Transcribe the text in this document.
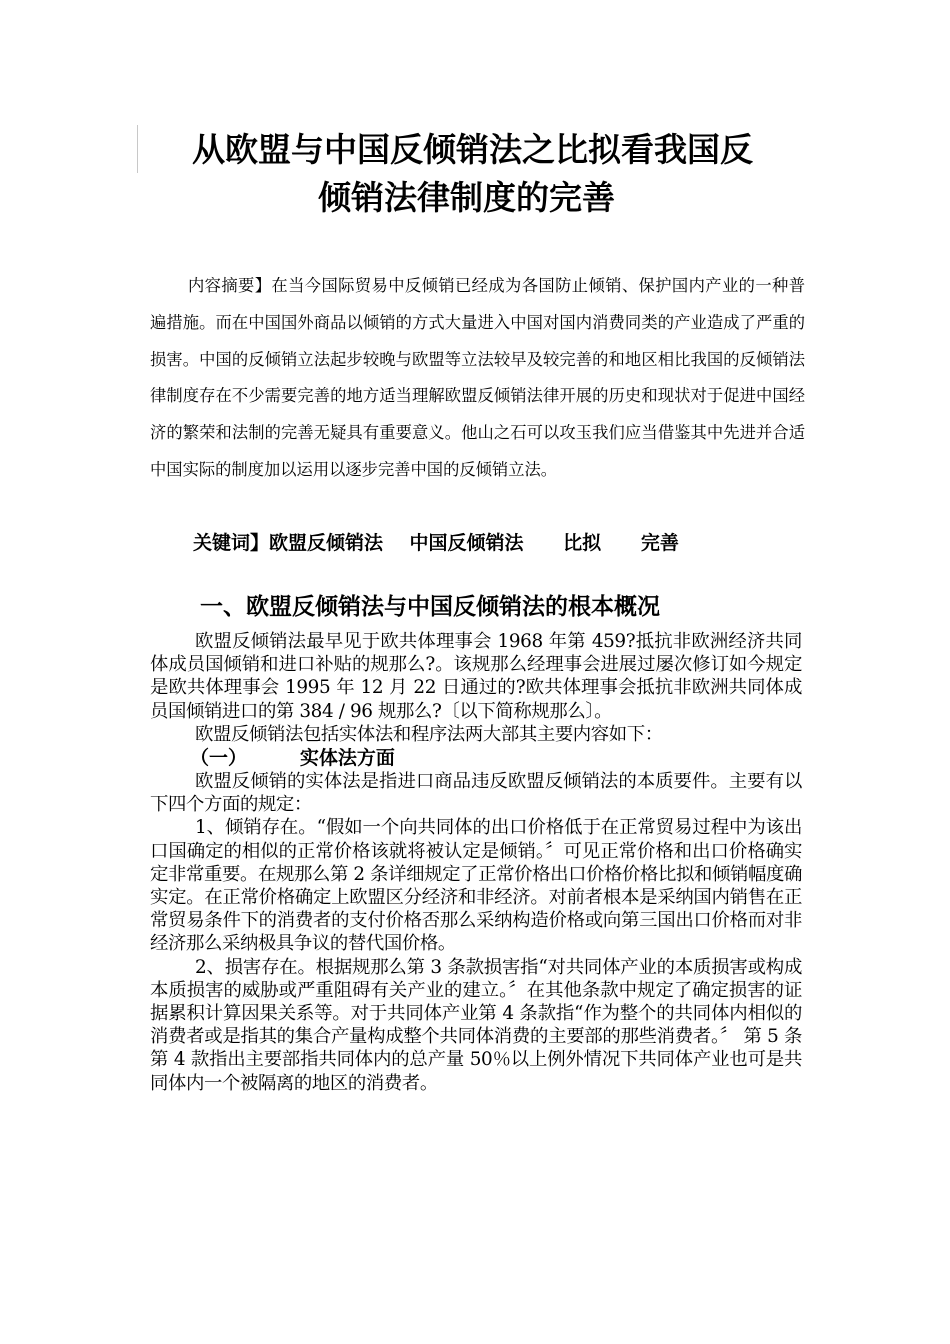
从欧盟与中国反倾销法之比拟看我国反
倾销法律制度的完善

内容摘要】在当今国际贸易中反倾销已经成为各国防止倾销、保护国内产业的一种普遍措施。而在中国国外商品以倾销的方式大量进入中国对国内消费同类的产业造成了严重的损害。中国的反倾销立法起步较晚与欧盟等立法较早及较完善的和地区相比我国的反倾销法律制度存在不少需要完善的地方适当理解欧盟反倾销法律开展的历史和现状对于促进中国经济的繁荣和法制的完善无疑具有重要意义。他山之石可以攻玉我们应当借鉴其中先进并合适中国实际的制度加以运用以逐步完善中国的反倾销立法。

关键词】欧盟反倾销法    中国反倾销法      比拟      完善

一、欧盟反倾销法与中国反倾销法的根本概况

欧盟反倾销法最早见于欧共体理事会 1968 年第 459?抵抗非欧洲经济共同体成员国倾销和进口补贴的规那么?。该规那么经理事会进展过屡次修订如今规定是欧共体理事会 1995 年 12 月 22 日通过的?欧共体理事会抵抗非欧洲共同体成员国倾销进口的第 384 / 96 规那么?〔以下简称规那么〕。

欧盟反倾销法包括实体法和程序法两大部其主要内容如下：

（一）        实体法方面

欧盟反倾销的实体法是指进口商品违反欧盟反倾销法的本质要件。主要有以下四个方面的规定：

1、倾销存在。“假如一个向共同体的出口价格低于在正常贸易过程中为该出口国确定的相似的正常价格该就将被认定是倾销。〞可见正常价格和出口价格确实定非常重要。在规那么第 2 条详细规定了正常价格出口价格价格比拟和倾销幅度确实定。在正常价格确定上欧盟区分经济和非经济。对前者根本是采纳国内销售在正常贸易条件下的消费者的支付价格否那么采纳构造价格或向第三国出口价格而对非经济那么采纳极具争议的替代国价格。

2、损害存在。根据规那么第 3 条款损害指“对共同体产业的本质损害或构成本质损害的威胁或严重阻碍有关产业的建立。〞在其他条款中规定了确定损害的证据累积计算因果关系等。对于共同体产业第 4 条款指“作为整个的共同体内相似的消费者或是指其的集合产量构成整个共同体消费的主要部的那些消费者。〞 第 5 条第 4 款指出主要部指共同体内的总产量 50％以上例外情况下共同体产业也可是共同体内一个被隔离的地区的消费者。
